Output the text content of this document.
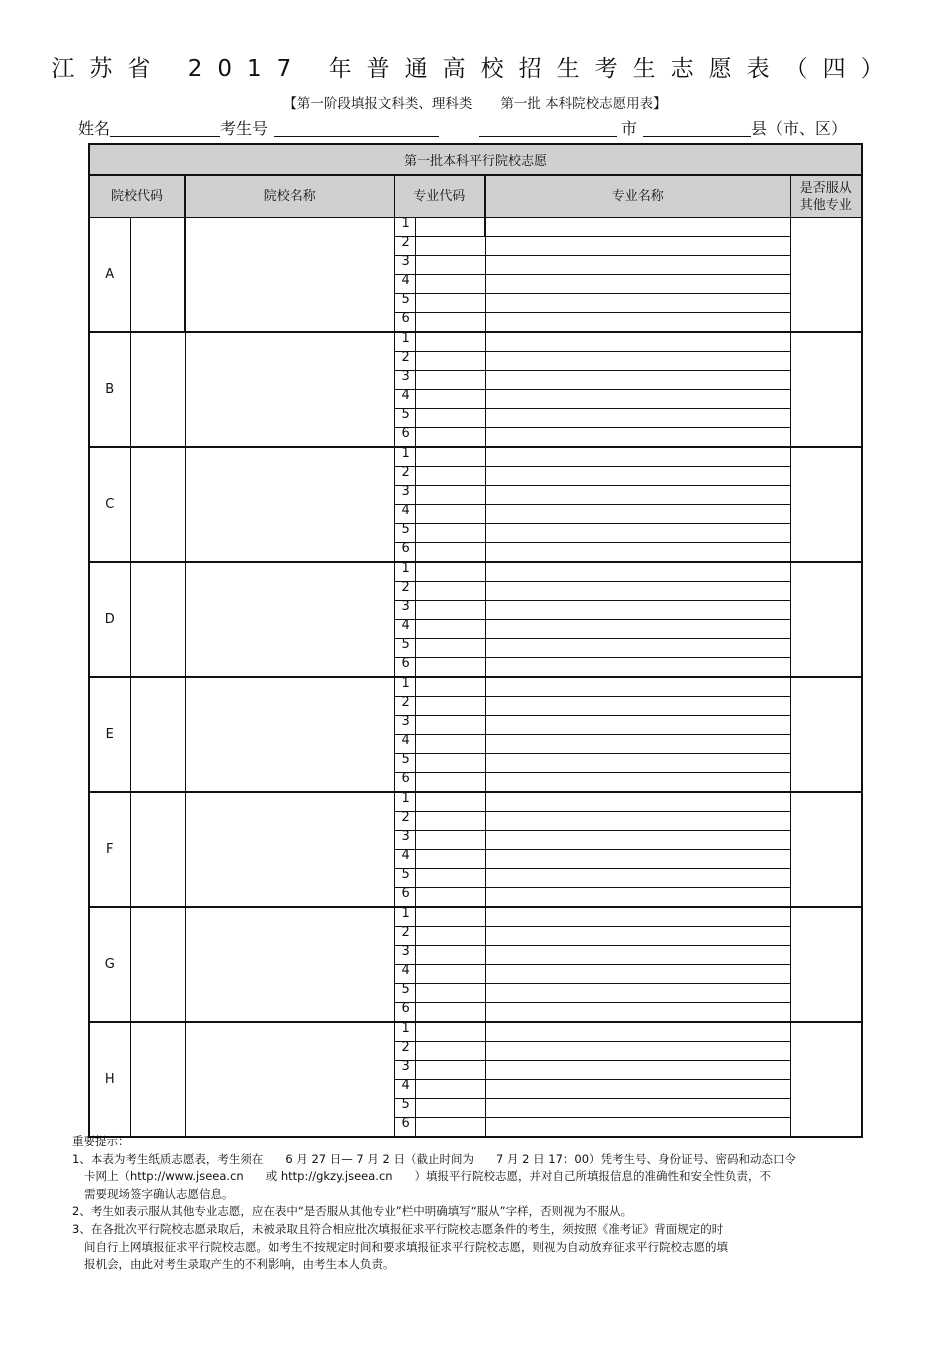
江苏省 2017 年普通高校招生考生志愿表（四）
【第一阶段填报文科类、理科类 第一批 本科院校志愿用表】
姓名	考生号	市	县（市、区）
第一批本科平行院校志愿						
院校代码		院校名称	专业代码		专业名称	是否服从
其他专业
A			1			
			2			
			3			
			4			
			5			
			6			
B			1			
			2			
			3			
			4			
			5			
			6			
C			1			
			2			
			3			
			4			
			5			
			6			
D			1			
			2			
			3			
			4			
			5			
			6			
E			1			
			2			
			3			
			4			
			5			
			6			
F			1			
			2			
			3			
			4			
			5			
			6			
G			1			
			2			
			3			
			4			
			5			
			6			
H			1			
			2			
			3			
			4			
			5			
			6			

重要提示：

1、本表为考生纸质志愿表，考生须在 6 月 27 日— 7 月 2 日（截止时间为 7 月 2 日 17：00）凭考生号、身份证号、密码和动态口令

卡网上（http://www.jseea.cn 或 http://gkzy.jseea.cn ）填报平行院校志愿，并对自己所填报信息的准确性和安全性负责，不

需要现场签字确认志愿信息。

2、考生如表示服从其他专业志愿，应在表中“是否服从其他专业”栏中明确填写“服从”字样，否则视为不服从。

3、在各批次平行院校志愿录取后，未被录取且符合相应批次填报征求平行院校志愿条件的考生，须按照《准考证》背面规定的时

间自行上网填报征求平行院校志愿。如考生不按规定时间和要求填报征求平行院校志愿，则视为自动放弃征求平行院校志愿的填

报机会，由此对考生录取产生的不利影响，由考生本人负责。
